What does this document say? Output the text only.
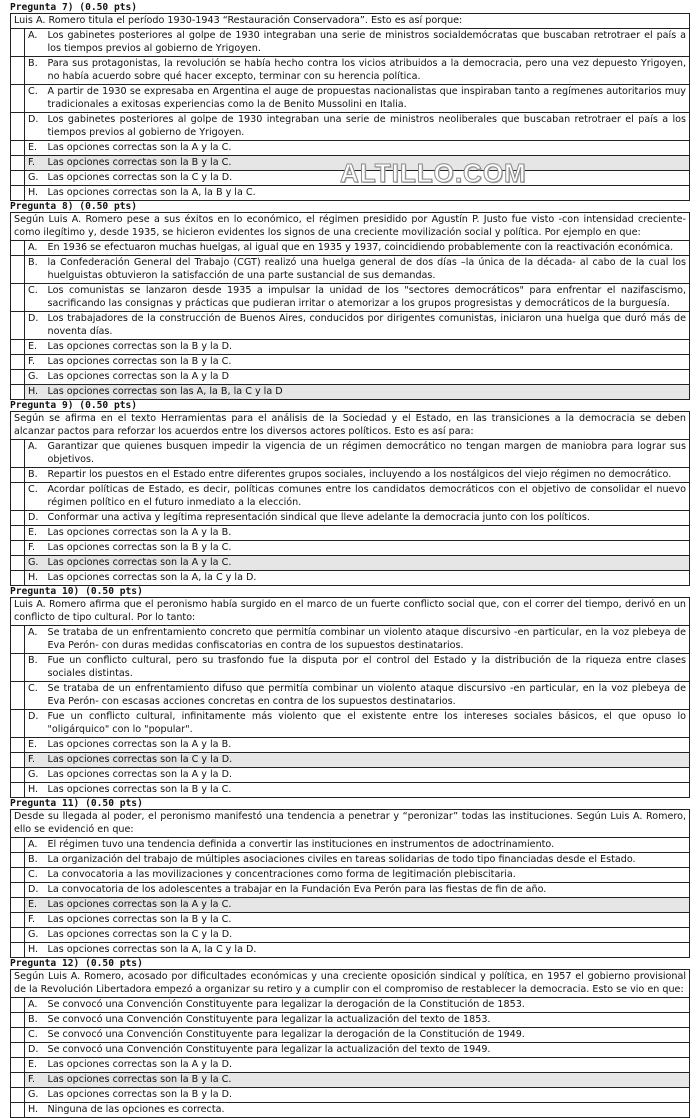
Pregunta 7) (0.50 pts)
Luis A. Romero titula el período 1930-1943 “Restauración Conservadora”. Esto es así porque:		
	A.	Los gabinetes posteriores al golpe de 1930 integraban una serie de ministros socialdemócratas que buscaban retrotraer el país a los tiempos previos al gobierno de Yrigoyen.
	B.	Para sus protagonistas, la revolución se había hecho contra los vicios atribuidos a la democracia, pero una vez depuesto Yrigoyen, no había acuerdo sobre qué hacer excepto, terminar con su herencia política.
	C.	A partir de 1930 se expresaba en Argentina el auge de propuestas nacionalistas que inspiraban tanto a regímenes autoritarios muy tradicionales a exitosas experiencias como la de Benito Mussolini en Italia.
	D.	Los gabinetes posteriores al golpe de 1930 integraban una serie de ministros neoliberales que buscaban retrotraer el país a los tiempos previos al gobierno de Yrigoyen.
	E.	Las opciones correctas son la A y la C.
	F.	Las opciones correctas son la B y la C.
	G.	Las opciones correctas son la C y la D.
	H.	Las opciones correctas son la A, la B y la C.
Pregunta 8) (0.50 pts)
Según Luis A. Romero pese a sus éxitos en lo económico, el régimen presidido por Agustín P. Justo fue visto -con intensidad creciente- como ilegítimo y, desde 1935, se hicieron evidentes los signos de una creciente movilización social y política. Por ejemplo en que:		
	A.	En 1936 se efectuaron muchas huelgas, al igual que en 1935 y 1937, coincidiendo probablemente con la reactivación económica.
	B.	la Confederación General del Trabajo (CGT) realizó una huelga general de dos días –la única de la década- al cabo de la cual los huelguistas obtuvieron la satisfacción de una parte sustancial de sus demandas.
	C.	Los comunistas se lanzaron desde 1935 a impulsar la unidad de los "sectores democráticos" para enfrentar el nazifascismo, sacrificando las consignas y prácticas que pudieran irritar o atemorizar a los grupos progresistas y democráticos de la burguesía.
	D.	Los trabajadores de la construcción de Buenos Aires, conducidos por dirigentes comunistas, iniciaron una huelga que duró más de noventa días.
	E.	Las opciones correctas son la B y la D.
	F.	Las opciones correctas son la B y la C.
	G.	Las opciones correctas son la A y la D
	H.	Las opciones correctas son las A, la B, la C y la D
Pregunta 9) (0.50 pts)
Según se afirma en el texto Herramientas para el análisis de la Sociedad y el Estado, en las transiciones a la democracia se deben alcanzar pactos para reforzar los acuerdos entre los diversos actores políticos. Esto es así para:		
	A.	Garantizar que quienes busquen impedir la vigencia de un régimen democrático no tengan margen de maniobra para lograr sus objetivos.
	B.	Repartir los puestos en el Estado entre diferentes grupos sociales, incluyendo a los nostálgicos del viejo régimen no democrático.
	C.	Acordar políticas de Estado, es decir, políticas comunes entre los candidatos democráticos con el objetivo de consolidar el nuevo régimen político en el futuro inmediato a la elección.
	D.	Conformar una activa y legítima representación sindical que lleve adelante la democracia junto con los políticos.
	E.	Las opciones correctas son la A y la B.
	F.	Las opciones correctas son la B y la C.
	G.	Las opciones correctas son la A y la C.
	H.	Las opciones correctas son la A, la C y la D.
Pregunta 10) (0.50 pts)
Luis A. Romero afirma que el peronismo había surgido en el marco de un fuerte conflicto social que, con el correr del tiempo, derivó en un conflicto de tipo cultural. Por lo tanto:		
	A.	Se trataba de un enfrentamiento concreto que permitía combinar un violento ataque discursivo -en particular, en la voz plebeya de Eva Perón- con duras medidas confiscatorias en contra de los supuestos destinatarios.
	B.	Fue un conflicto cultural, pero su trasfondo fue la disputa por el control del Estado y la distribución de la riqueza entre clases sociales distintas.
	C.	Se trataba de un enfrentamiento difuso que permitía combinar un violento ataque discursivo -en particular, en la voz plebeya de Eva Perón- con escasas acciones concretas en contra de los supuestos destinatarios.
	D.	Fue un conflicto cultural, infinitamente más violento que el existente entre los intereses sociales básicos, el que opuso lo "oligárquico" con lo "popular".
	E.	Las opciones correctas son la A y la B.
	F.	Las opciones correctas son la C y la D.
	G.	Las opciones correctas son la A y la D.
	H.	Las opciones correctas son la B y la C.
Pregunta 11) (0.50 pts)
Desde su llegada al poder, el peronismo manifestó una tendencia a penetrar y “peronizar” todas las instituciones. Según Luis A. Romero, ello se evidenció en que:		
	A.	El régimen tuvo una tendencia definida a convertir las instituciones en instrumentos de adoctrinamiento.
	B.	La organización del trabajo de múltiples asociaciones civiles en tareas solidarias de todo tipo financiadas desde el Estado.
	C.	La convocatoria a las movilizaciones y concentraciones como forma de legitimación plebiscitaria.
	D.	La convocatoria de los adolescentes a trabajar en la Fundación Eva Perón para las fiestas de fin de año.
	E.	Las opciones correctas son la A y la C.
	F.	Las opciones correctas son la B y la C.
	G.	Las opciones correctas son la C y la D.
	H.	Las opciones correctas son la A, la C y la D.
Pregunta 12) (0.50 pts)
Según Luis A. Romero, acosado por dificultades económicas y una creciente oposición sindical y política, en 1957 el gobierno provisional de la Revolución Libertadora empezó a organizar su retiro y a cumplir con el compromiso de restablecer la democracia. Esto se vio en que:		
	A.	Se convocó una Convención Constituyente para legalizar la derogación de la Constitución de 1853.
	B.	Se convocó una Convención Constituyente para legalizar la actualización del texto de 1853.
	C.	Se convocó una Convención Constituyente para legalizar la derogación de la Constitución de 1949.
	D.	Se convocó una Convención Constituyente para legalizar la actualización del texto de 1949.
	E.	Las opciones correctas son la A y la D.
	F.	Las opciones correctas son la B y la C.
	G.	Las opciones correctas son la B y la D.
	H.	Ninguna de las opciones es correcta.
ALTILLO.COM
